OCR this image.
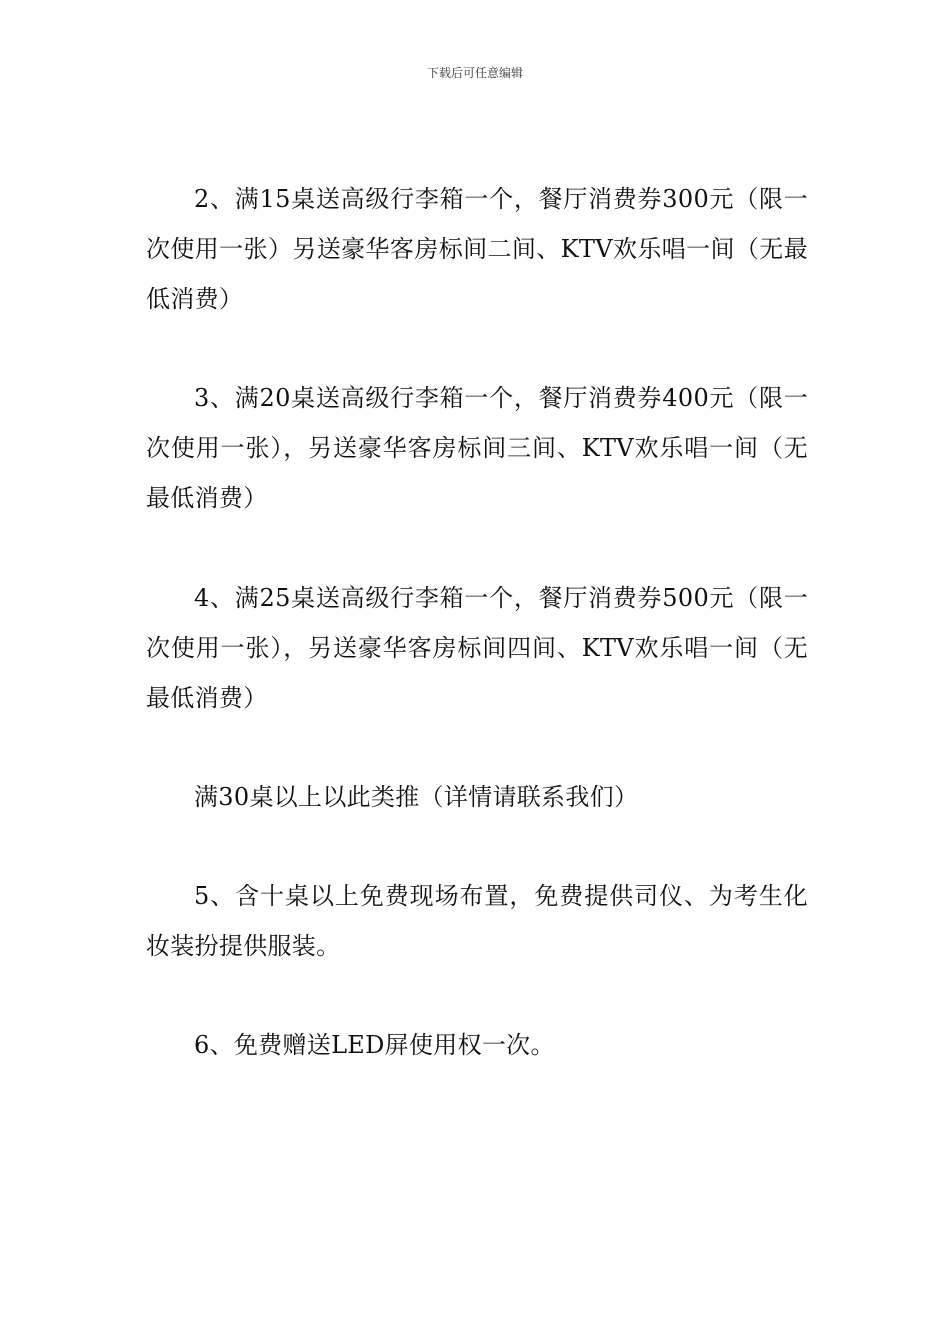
下载后可任意编辑

2、满15桌送高级行李箱一个，餐厅消费券300元（限一次使用一张）另送豪华客房标间二间、KTV欢乐唱一间（无最低消费）

3、满20桌送高级行李箱一个，餐厅消费券400元（限一次使用一张），另送豪华客房标间三间、KTV欢乐唱一间（无最低消费）

4、满25桌送高级行李箱一个，餐厅消费券500元（限一次使用一张），另送豪华客房标间四间、KTV欢乐唱一间（无最低消费）

满30桌以上以此类推（详情请联系我们）

5、含十桌以上免费现场布置，免费提供司仪、为考生化妆装扮提供服装。

6、免费赠送LED屏使用权一次。
